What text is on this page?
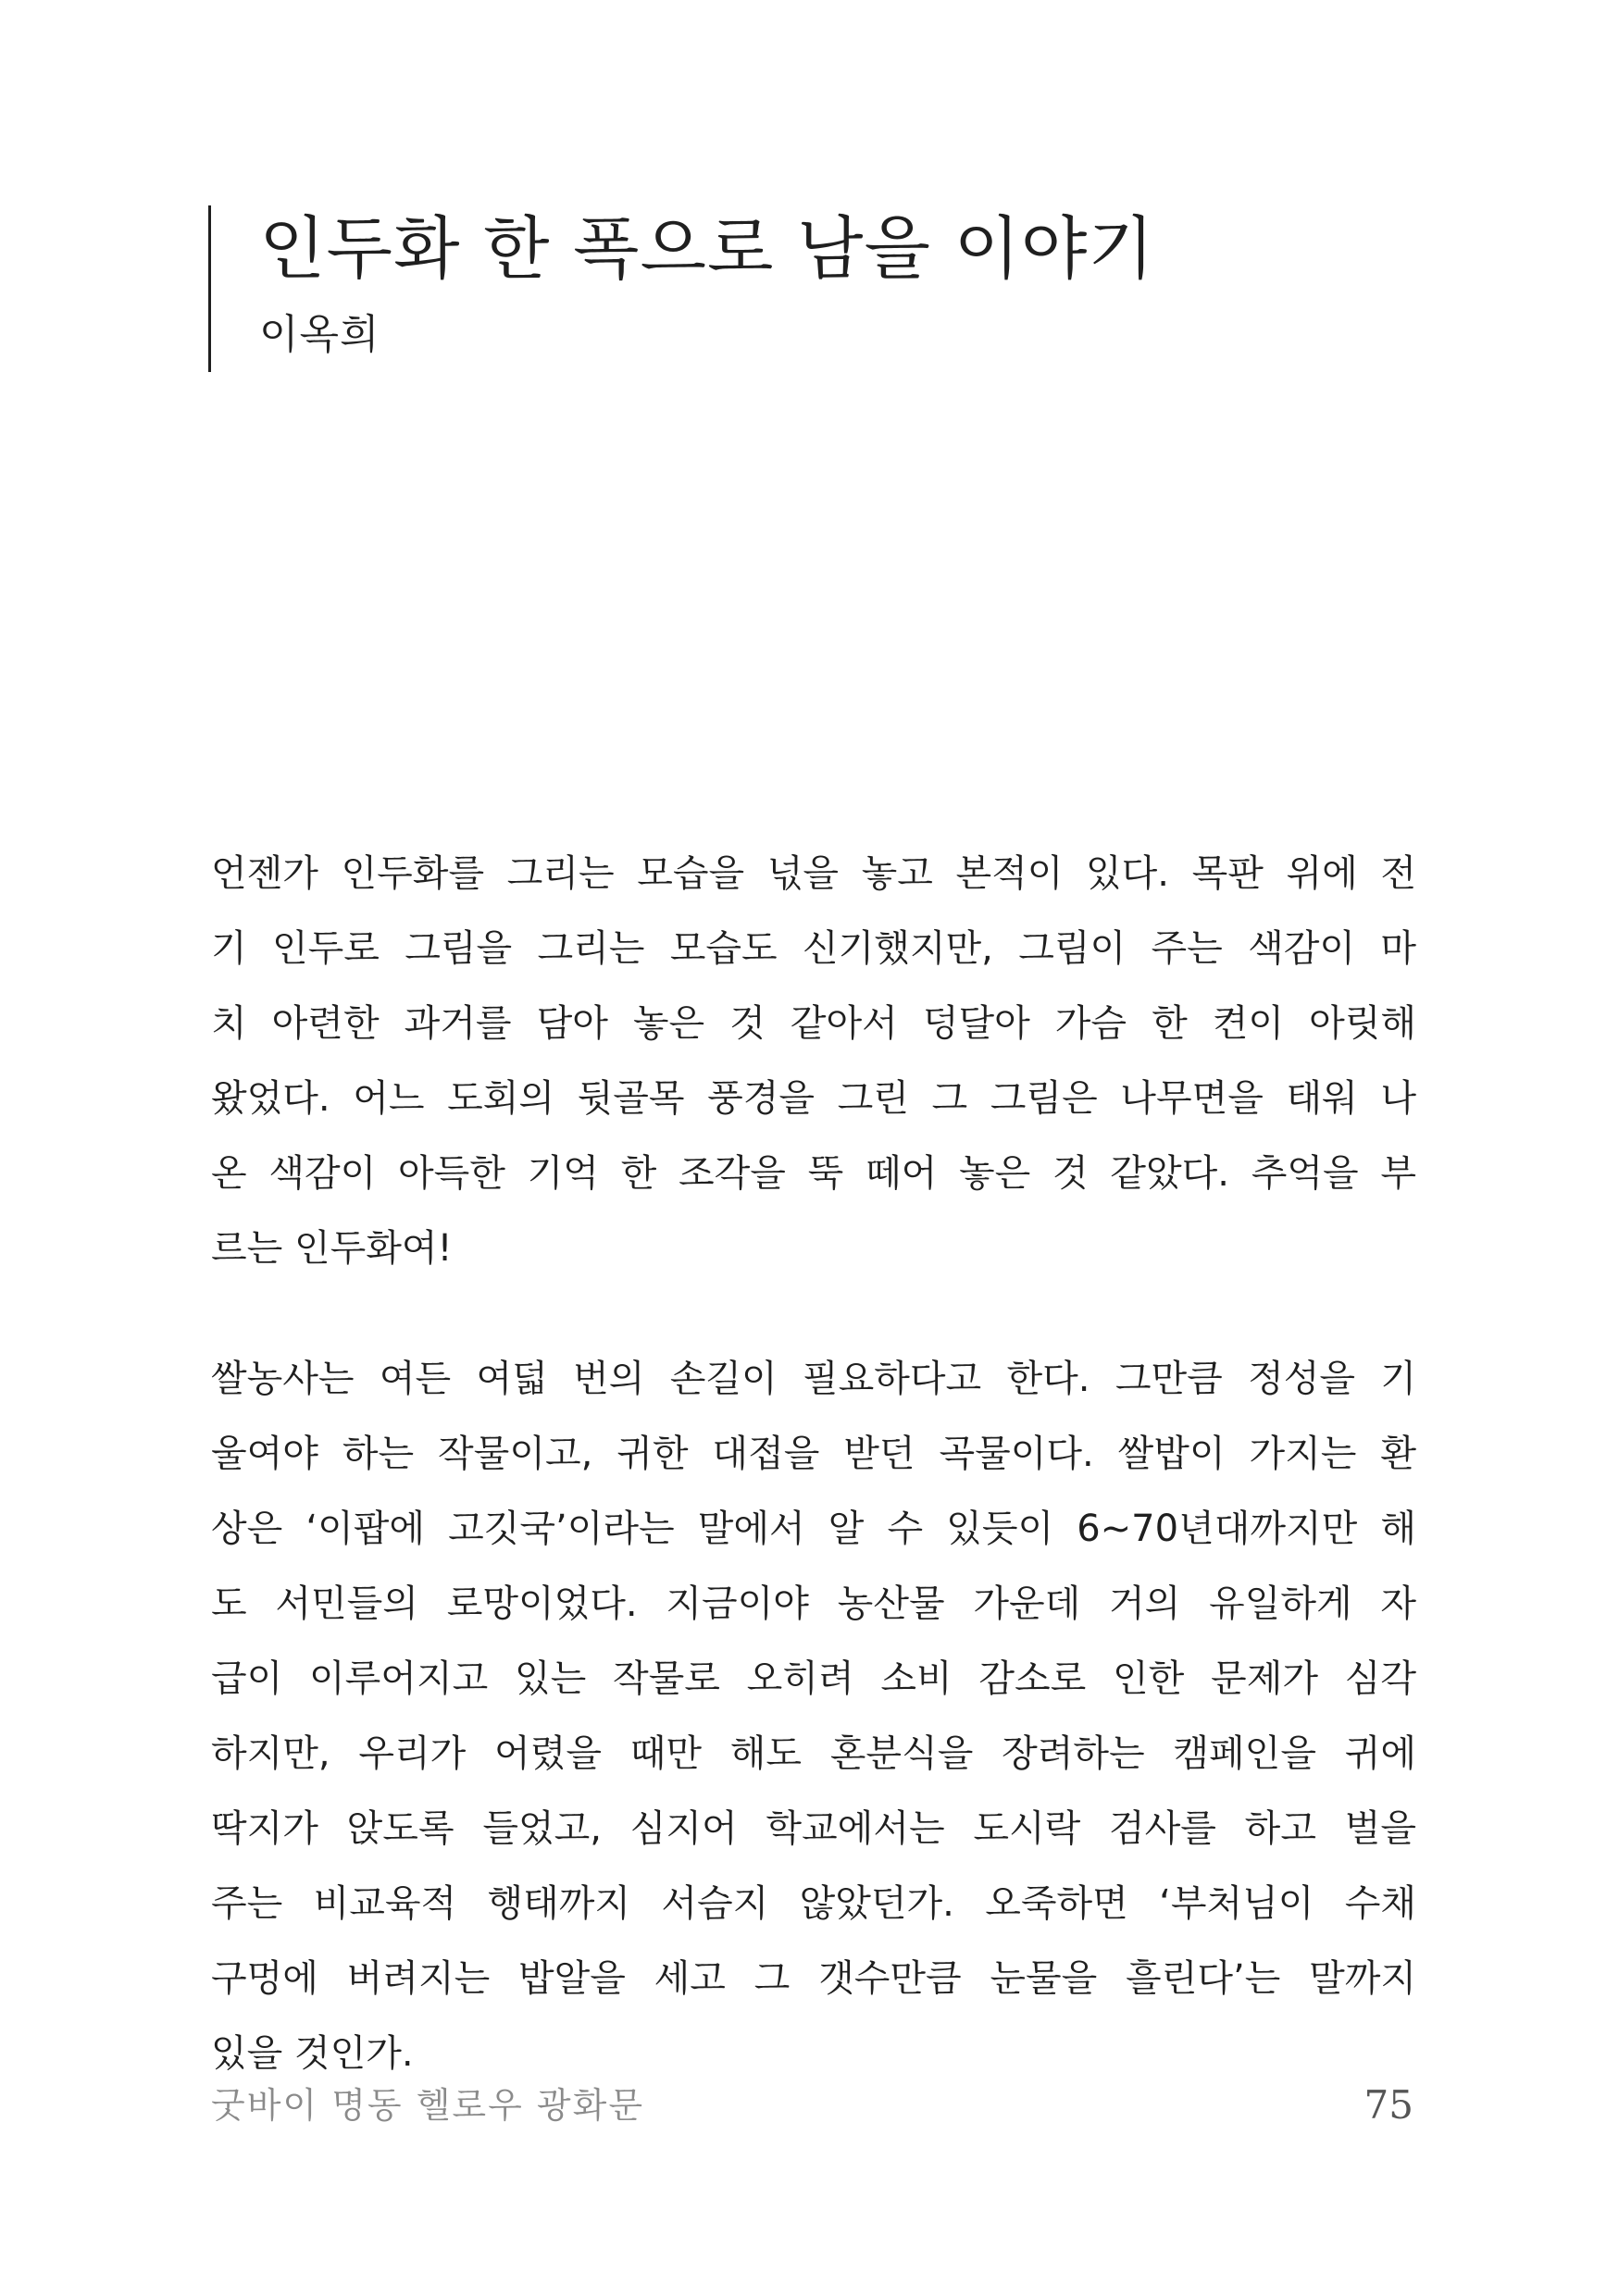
인두화 한 폭으로 남을 이야기
이옥희

언젠가 인두화를 그리는 모습을 넋을 놓고 본적이 있다. 목판 위에 전
기 인두로 그림을 그리는 모습도 신기했지만, 그림이 주는 색감이 마
치 아련한 과거를 담아 놓은 것 같아서 덩달아 가슴 한 켠이 아릿해
왔었다. 어느 도회의 뒷골목 풍경을 그린 그 그림은 나무면을 태워 나
온 색감이 아득한 기억 한 조각을 뚝 떼어 놓은 것 같았다. 추억을 부
르는 인두화여!

쌀농사는 여든 여덟 번의 손길이 필요하다고 한다. 그만큼 정성을 기
울여야 하는 작물이고, 귀한 대접을 받던 곡물이다. 쌀밥이 가지는 환
상은 ‘이팝에 고깃국’이라는 말에서 알 수 있듯이 6~70년대까지만 해
도 서민들의 로망이었다. 지금이야 농산물 가운데 거의 유일하게 자
급이 이루어지고 있는 작물로 오히려 소비 감소로 인한 문제가 심각
하지만, 우리가 어렸을 때만 해도 혼분식을 장려하는 캠페인을 귀에
딱지가 앉도록 들었고, 심지어 학교에서는 도시락 검사를 하고 벌을
주는 비교육적 행태까지 서슴지 않았던가. 오죽하면 ‘부처님이 수채
구멍에 버려지는 밥알을 세고 그 갯수만큼 눈물을 흘린다’는 말까지
있을 것인가.

굿바이 명동 헬로우 광화문	75
